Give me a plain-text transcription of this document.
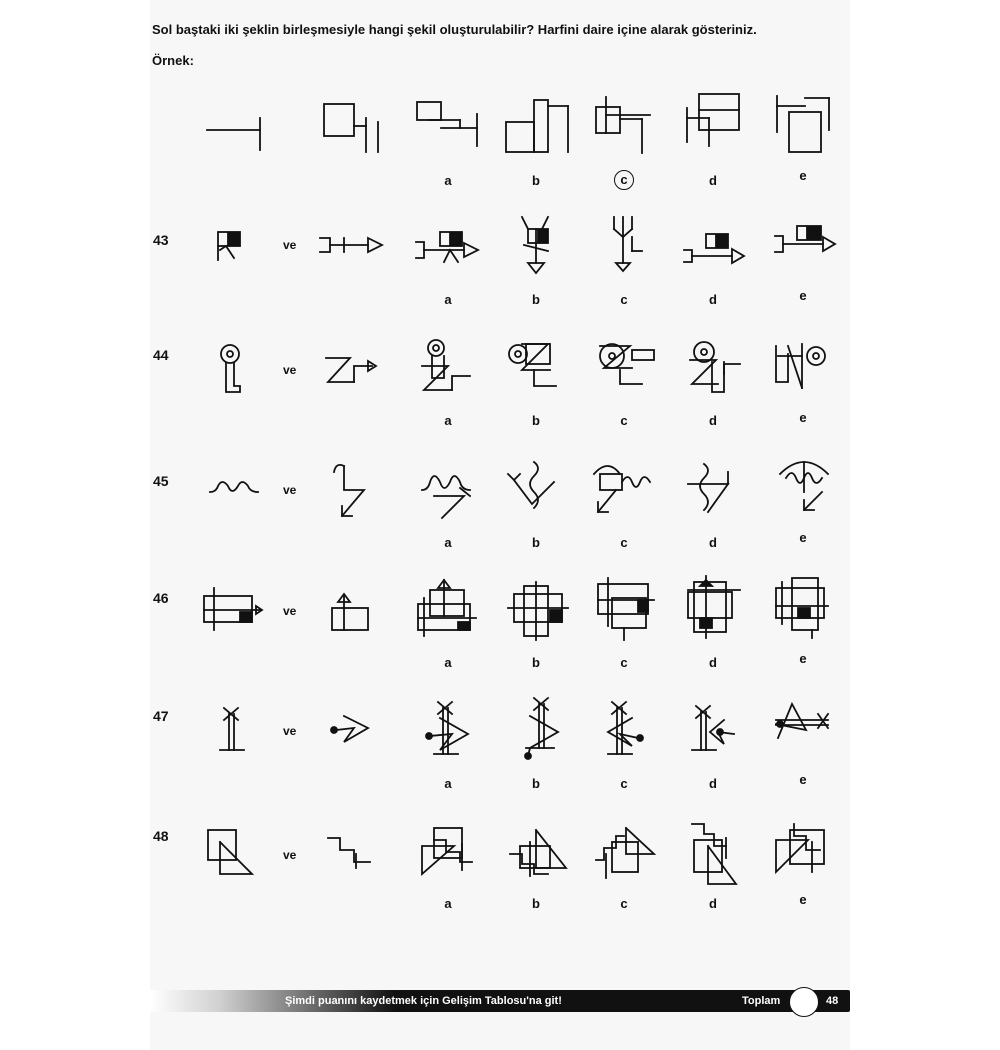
Sol baştaki iki şeklin birleşmesiyle hangi şekil oluşturulabilir? Harfini daire içine alarak gösteriniz.
Örnek:
a	b	c	d	e
43	ve
a	b	c	d	e
44
ve
a	b	c	d	e
45
ve
a	b	c	d	e
46
ve
a	b	c	d	e
47
ve
a	b	c	d	e
48
ve
a	b	c	d	e
Şimdi puanını kaydetmek için Gelişim Tablosu'na git!	Toplam	48
